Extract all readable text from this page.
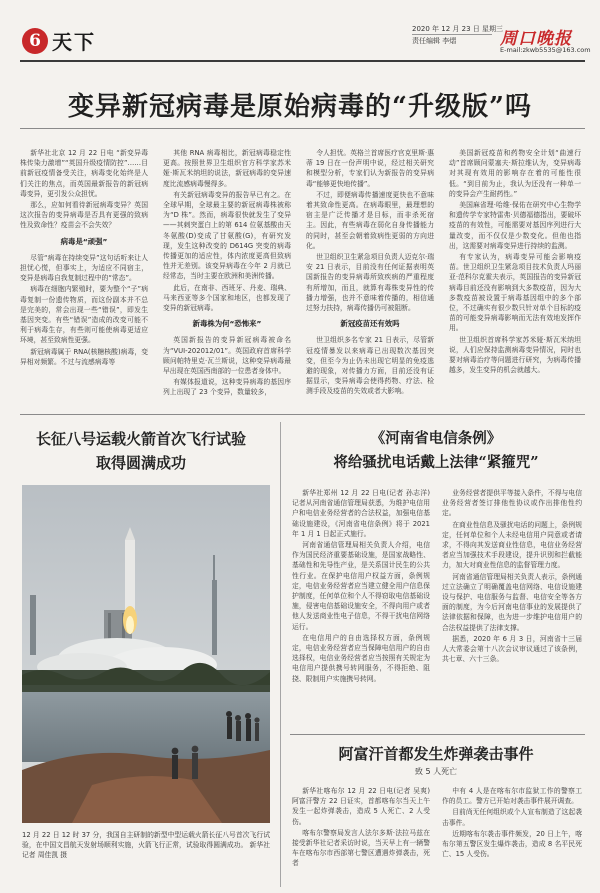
6 天下
2020 年 12 月 23 日 星期三
责任编辑 李熠	周口晚报
E-mail:zkwb5535@163.com
变异新冠病毒是原始病毒的“升级版”吗

新华社北京 12 月 22 日电 “新变异毒株传染力激增”“英国升级疫情防控”……目前新冠疫情备受关注，病毒变化始终是人们关注的焦点，而英国最新报告的新冠病毒变异，更引发公众担忧。

那么，应如何看待新冠病毒变异？英国这次报告的变异病毒是否具有更强的致病性及致命性？疫苗会不会失效？

病毒是“顽强”

尽管“病毒在持续变异”这句话听来让人担忧心慌，但事实上，为适应不同宿主，变异是病毒自我复制过程中的“常态”。

病毒在细胞内繁殖时，要为整个“子”病毒复制一份遗传物质，而这份副本并不总是完美的，常会出现一些“错误”，即发生基因突变。有些“错误”造成的改变可能不利于病毒生存，有些则可能使病毒更适应环境，甚至致病性更强。

新冠病毒属于 RNA(核糖核酸)病毒，变异相对频繁。不过与流感病毒等

其他 RNA 病毒相比，新冠病毒稳定性更高。按照世界卫生组织官方科学家苏米娅·斯瓦米纳坦的说法，新冠病毒的变异速度比流感病毒慢得多。

有关新冠病毒变异的报告早已有之。在全球早期，全球最主要的新冠病毒株被称为“D 株”。然而，病毒很快就发生了变异——其刺突蛋白上的第 614 位氨基酸由天冬氨酸(D)变成了甘氨酸(G)，有研究发现，发生这种改变的 D614G 突变的病毒传播更加的适应性，体内浓度更高但致病性并无差别。该变异病毒在今年 2 月就已经常态，当时主要在欧洲和美洲传播。

此后，在南非、西班牙、丹麦、瑞典、马来西亚等多个国家和地区，也都发现了变异的新冠病毒。

新毒株为何“恐怖来”

英国新报告的变异新冠病毒被命名为“VUI-202012/01”。英国政府首席科学顾问帕特里克·瓦兰斯说，这种变异病毒最早出现在英国西南部的一位患者身体中。

有媒体报道说，这种变异病毒的基因序列上出现了 23 个变异，数量较多，

令人担忧。英格兰首席医疗官克里斯·惠蒂 19 日在一份声明中说，经过相关研究和模型分析，专家们认为新报告的变异病毒“能够更快地传播”。

不过，即便病毒传播速度更快也不意味着其致命性更高。在病毒眼里，最理想的宿主是广泛传播才是目标，而非杀死宿主。因此，有些病毒在弱化自身传播能力的同时，甚至会朝着致病性更弱的方向进化。

世卫组织卫生紧急项目负责人迈克尔·瑞安 21 日表示，目前没有任何证据表明英国新报告的变异病毒所致疾病的严重程度有所增加，而且，就算有毒株变异性的传播力增强，也并不意味着传播的，相信通过努力扶持，病毒传播仍可被阻断。

新冠疫苗还有效吗

世卫组织多名专家 21 日表示，尽管新冠疫情暴发以来病毒已出现数次基因突变，但至今为止仍未出现它明显的免疫逃避的现象，对传播力方面，目前还没有证据显示，变异病毒会使得药物、疗法、检测手段及疫苗的失效或者大影响。

美国新冠疫苗和药物安全计划“曲速行动”首席顾问蒙塞夫·斯拉维认为，变异病毒对其现有效用的影响存在着的可能性很低。“到目前为止，我认为还没有一种单一的变异会产生耐药性。”

美国麻省理·哈维·保佑在研究中心生物学和遗传学专家特雷弗·贝德福德指出，要破坏疫苗的有效性，可能需要对基因序列进行大量改变，而不仅仅是少数变化。但他也指出，这需要对病毒变异进行持续的监测。

有专家认为，病毒变异可能会影响疫苗。世卫组织卫生紧急项目技术负责人玛丽亚·范科尔克霍夫表示，英国报告的变异新冠病毒目前还没有影响到大多数疫苗，因为大多数疫苗被设置于病毒基因组中的多个部位，不过确实有很少数只针对单个目标的疫苗的可能变异病毒影响而无法有效地发挥作用。

世卫组织首席科学家苏米娅·斯瓦米纳坦说，人们应保持监测病毒变异情况，同时也要对病毒治疗等问题进行研究，为病毒传播越多，发生变异的机会就越大。

长征八号运载火箭首次飞行试验
取得圆满成功
12 月 22 日 12 时 37 分，我国自主研制的新型中型运载火箭长征八号首次飞行试验，在中国文昌航天发射场顺利实施，火箭飞行正常，试验取得圆满成功。 新华社记者 周佳凯 摄
《河南省电信条例》
将给骚扰电话戴上法律“紧箍咒”

新华社郑州 12 月 22 日电(记者 孙志洋)记者从河南省通信管理局获悉，为维护电信用户和电信业务经营者的合法权益，加强电信基础设施建设，《河南省电信条例》将于 2021 年 1 月 1 日起正式施行。

河南省通信管理局相关负责人介绍，电信作为国民经济重要基础设施，是国家战略性、基础性和先导性产业，是关系国计民生的公共性行业。在保护电信用户权益方面，条例规定，电信业务经营者应当建立健全用户信息保护制度，任何单位和个人不得窃取电信基础设施，侵害电信基础设施安全，不得向用户或者他人发送商业性电子信息，不得干扰电信网络运行。

在电信用户的自由选择权方面，条例规定，电信业务经营者应当保障电信用户的自由选择权，电信业务经营者应当按照有关规定为电信用户提供携号转网服务，不得拒绝、阻挠、限制用户实施携号转网。

业务经营者提供平等接入条件，不得与电信业务经营者签订排他性协议或作出排他性约定。

在商业性信息及骚扰电话的问题上，条例规定，任何单位和个人未经电信用户同意或者请求，不得向其发送商业性信息，电信业务经营者应当加强技术手段建设，提升识别和拦截能力，加大对商业性信息的监督管理力度。

河南省通信管理局相关负责人表示，条例通过立法确立了明确覆盖电信网络、电信设施建设与保护、电信服务与监督、电信安全等各方面的制度，为今后河南电信事业的发展提供了法律依据和保障，也为进一步维护电信用户的合法权益提供了法律支撑。

据悉，2020 年 6 月 3 日，河南省十三届人大常委会第十八次会议审议通过了该条例，共七章、六十三条。

阿富汗首都发生炸弹袭击事件
致 5 人死亡

新华社喀布尔 12 月 22 日电(记者 吴爽)阿富汗警方 22 日证实，首都喀布尔当天上午发生一起炸弹袭击，造成 5 人死亡、2 人受伤。

喀布尔警察局发言人法尔多斯·法拉马兹在接受新华社记者采访时说，当天早上有一辆警车在喀布尔市西部第七警区遭遇炸弹袭击，死者

中有 4 人是在喀布尔市监狱工作的警察工作的员工。警方已开始对袭击事件展开调查。

目前尚无任何组织或个人宣布制造了这起袭击事件。

近期喀布尔袭击事件频发，20 日上午，喀布尔第五警区发生爆炸袭击，造成 8 名平民死亡、15 人受伤。
